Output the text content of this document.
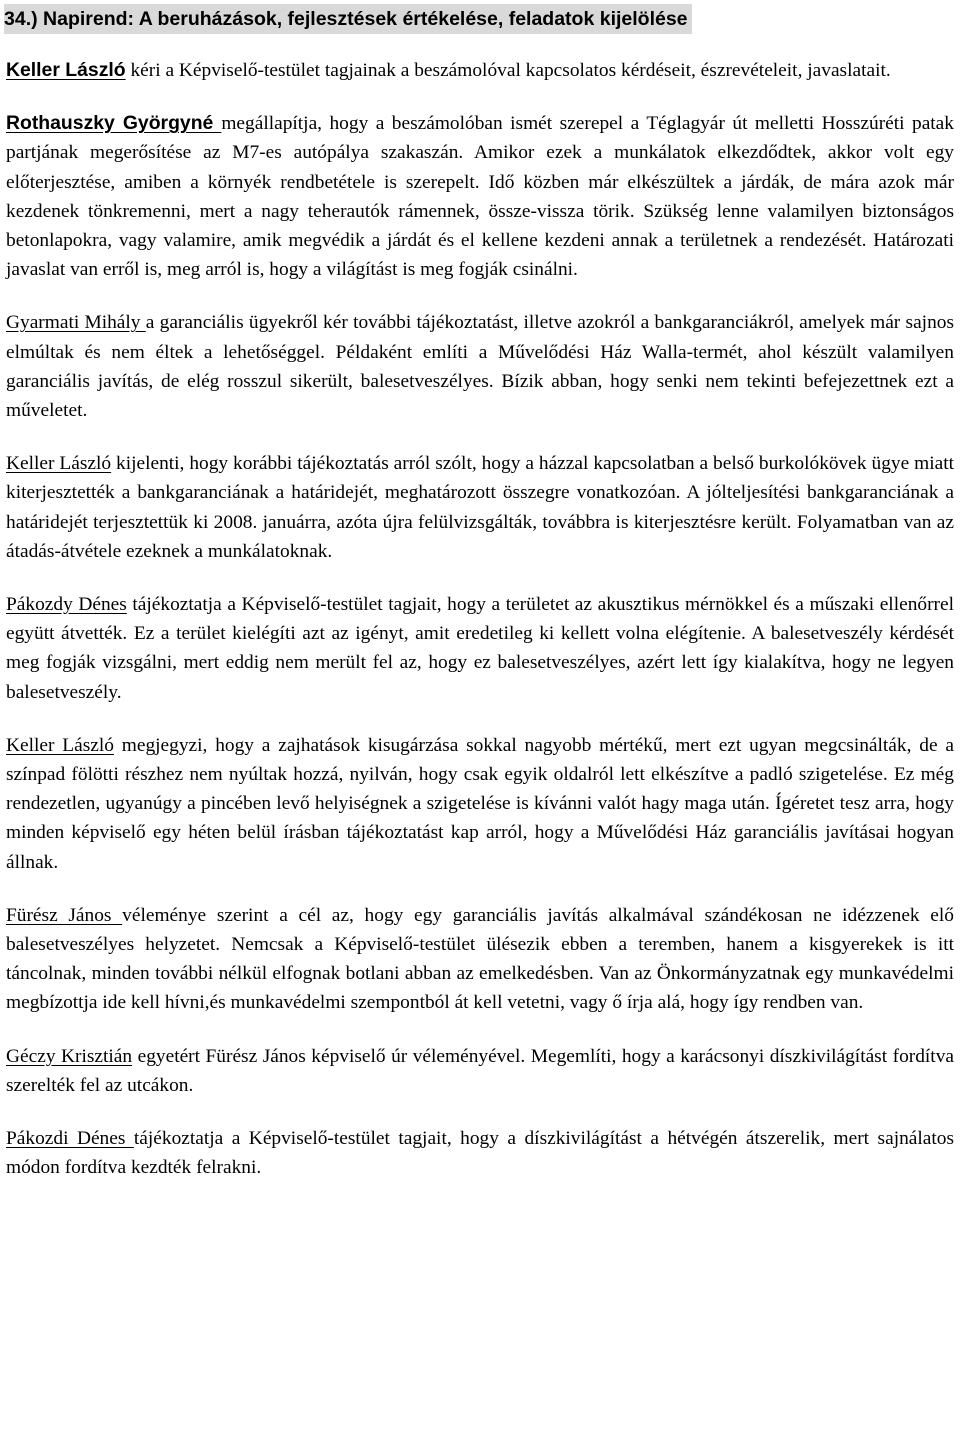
34.) Napirend: A beruházások, fejlesztések értékelése, feladatok kijelölése

Keller László kéri a Képviselő-testület tagjainak a beszámolóval kapcsolatos kérdéseit, észrevételeit, javaslatait.

Rothauszky Györgyné megállapítja, hogy a beszámolóban ismét szerepel a Téglagyár út melletti Hosszúréti patak partjának megerősítése az M7-es autópálya szakaszán. Amikor ezek a munkálatok elkezdődtek, akkor volt egy előterjesztése, amiben a környék rendbetétele is szerepelt. Idő közben már elkészültek a járdák, de mára azok már kezdenek tönkremenni, mert a nagy teherautók rámennek, össze-vissza törik. Szükség lenne valamilyen biztonságos betonlapokra, vagy valamire, amik megvédik a járdát és el kellene kezdeni annak a területnek a rendezését. Határozati javaslat van erről is, meg arról is, hogy a világítást is meg fogják csinálni.

Gyarmati Mihály a garanciális ügyekről kér további tájékoztatást, illetve azokról a bankgaranciákról, amelyek már sajnos elmúltak és nem éltek a lehetőséggel. Példaként említi a Művelődési Ház Walla-termét, ahol készült valamilyen garanciális javítás, de elég rosszul sikerült, balesetveszélyes. Bízik abban, hogy senki nem tekinti befejezettnek ezt a műveletet.

Keller László kijelenti, hogy korábbi tájékoztatás arról szólt, hogy a házzal kapcsolatban a belső burkolókövek ügye miatt kiterjesztették a bankgaranciának a határidejét, meghatározott összegre vonatkozóan. A jólteljesítési bankgaranciának a határidejét terjesztettük ki 2008. januárra, azóta újra felülvizsgálták, továbbra is kiterjesztésre került. Folyamatban van az átadás-átvétele ezeknek a munkálatoknak.

Pákozdy Dénes tájékoztatja a Képviselő-testület tagjait, hogy a területet az akusztikus mérnökkel és a műszaki ellenőrrel együtt átvették. Ez a terület kielégíti azt az igényt, amit eredetileg ki kellett volna elégítenie. A balesetveszély kérdését meg fogják vizsgálni, mert eddig nem merült fel az, hogy ez balesetveszélyes, azért lett így kialakítva, hogy ne legyen balesetveszély.

Keller László megjegyzi, hogy a zajhatások kisugárzása sokkal nagyobb mértékű, mert ezt ugyan megcsinálták, de a színpad fölötti részhez nem nyúltak hozzá, nyilván, hogy csak egyik oldalról lett elkészítve a padló szigetelése. Ez még rendezetlen, ugyanúgy a pincében levő helyiségnek a szigetelése is kívánni valót hagy maga után. Ígéretet tesz arra, hogy minden képviselő egy héten belül írásban tájékoztatást kap arról, hogy a Művelődési Ház garanciális javításai hogyan állnak.

Fürész János véleménye szerint a cél az, hogy egy garanciális javítás alkalmával szándékosan ne idézzenek elő balesetveszélyes helyzetet. Nemcsak a Képviselő-testület ülésezik ebben a teremben, hanem a kisgyerekek is itt táncolnak, minden további nélkül elfognak botlani abban az emelkedésben. Van az Önkormányzatnak egy munkavédelmi megbízottja ide kell hívni,és munkavédelmi szempontból át kell vetetni, vagy ő írja alá, hogy így rendben van.

Géczy Krisztián egyetért Fürész János képviselő úr véleményével. Megemlíti, hogy a karácsonyi díszkivilágítást fordítva szerelték fel az utcákon.

Pákozdi Dénes tájékoztatja a Képviselő-testület tagjait, hogy a díszkivilágítást a hétvégén átszerelik, mert sajnálatos módon fordítva kezdték felrakni.
